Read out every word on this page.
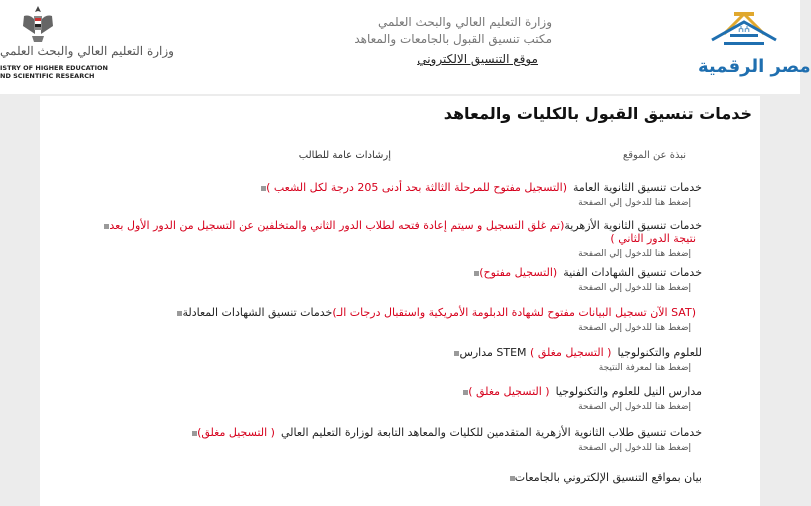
وزارة التعليم العالي والبحث العلمي
ISTRY OF HIGHER EDUCATION
ND SCIENTIFIC RESEARCH
وزارة التعليم العالي والبحث العلمي
مكتب تنسيق القبول بالجامعات والمعاهد
موقع التنسيق الالكتروني
ⵄⵄ
مصر الرقمية
خدمات تنسيق القبول بالكليات والمعاهد
نبذة عن الموقع
إرشادات عامة للطالب
خدمات تنسيق الثانوية العامة(التسجيل مفتوح للمرحلة الثالثة بحد أدنى 205 درجة لكل الشعب )
إضغط هنا للدخول إلي الصفحة
خدمات تنسيق الثانوية الأزهرية(تم غلق التسجيل و سيتم إعادة فتحه لطلاب الدور الثاني والمتخلفين عن التسجيل من الدور الأول بعد نتيجة الدور الثاني )
إضغط هنا للدخول إلي الصفحة
خدمات تنسيق الشهادات الفنية(التسجيل مفتوح)
إضغط هنا للدخول إلي الصفحة
خدمات تنسيق الشهادات المعادلة(الآن تسجيل البيانات مفتوح لشهادة الدبلومة الأمريكية واستقبال درجات الـ SAT)
إضغط هنا للدخول إلي الصفحة
مدارس STEM للعلوم والتكنولوجيا( التسجيل مغلق )
إضغط هنا لمعرفة النتيجة
مدارس النيل للعلوم والتكنولوجيا( التسجيل مغلق )
إضغط هنا للدخول إلي الصفحة
خدمات تنسيق طلاب الثانوية الأزهرية المتقدمين للكليات والمعاهد التابعة لوزارة التعليم العالي( التسجيل مغلق)
إضغط هنا للدخول إلي الصفحة
بيان بمواقع التنسيق الإلكتروني بالجامعات
